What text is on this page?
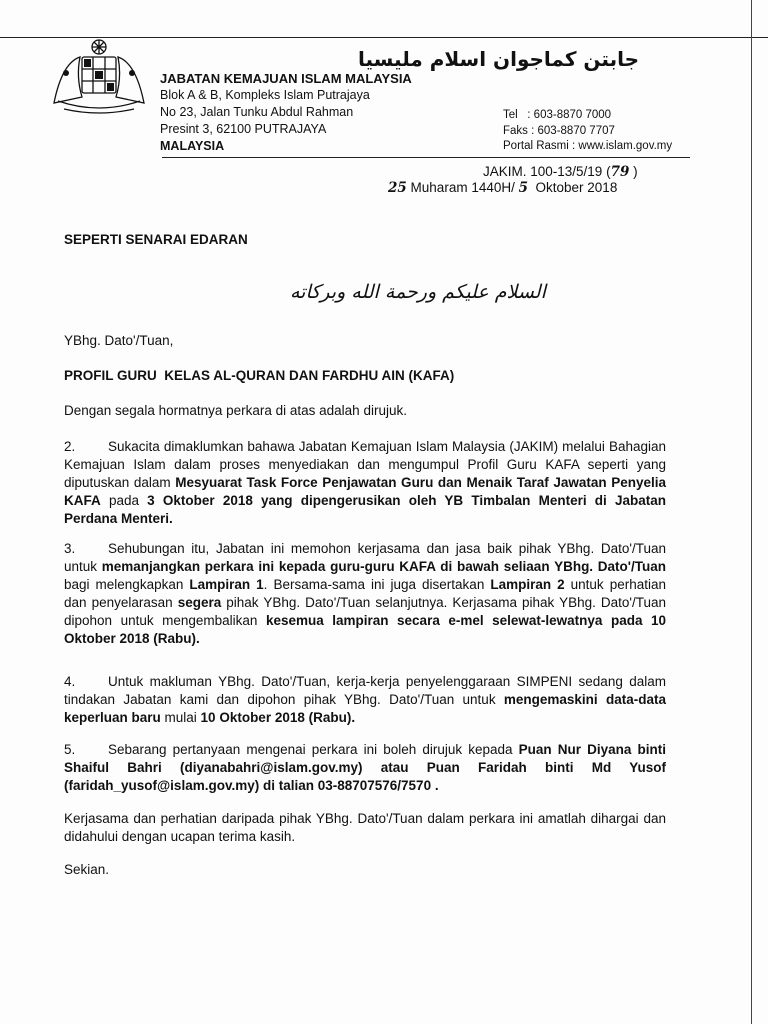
جابتن كماجوان اسلام مليسيا
JABATAN KEMAJUAN ISLAM MALAYSIA
Blok A & B, Kompleks Islam Putrajaya
No 23, Jalan Tunku Abdul Rahman
Presint 3, 62100 PUTRAJAYA
MALAYSIA
Tel   : 603-8870 7000
Faks : 603-8870 7707
Portal Rasmi : www.islam.gov.my
JAKIM. 100-13/5/19 (79 )
25 Muharam 1440H/ 5  Oktober 2018
SEPERTI SENARAI EDARAN
السلام عليكم ورحمة الله وبركاته
YBhg. Dato'/Tuan,
PROFIL GURU  KELAS AL-QURAN DAN FARDHU AIN (KAFA)
Dengan segala hormatnya perkara di atas adalah dirujuk.
2. Sukacita dimaklumkan bahawa Jabatan Kemajuan Islam Malaysia (JAKIM) melalui Bahagian Kemajuan Islam dalam proses menyediakan dan mengumpul Profil Guru KAFA seperti yang diputuskan dalam Mesyuarat Task Force Penjawatan Guru dan Menaik Taraf Jawatan Penyelia KAFA pada 3 Oktober 2018 yang dipengerusikan oleh YB Timbalan Menteri di Jabatan Perdana Menteri.
3. Sehubungan itu, Jabatan ini memohon kerjasama dan jasa baik pihak YBhg. Dato'/Tuan untuk memanjangkan perkara ini kepada guru-guru KAFA di bawah seliaan YBhg. Dato'/Tuan bagi melengkapkan Lampiran 1. Bersama-sama ini juga disertakan Lampiran 2 untuk perhatian dan penyelarasan segera pihak YBhg. Dato'/Tuan selanjutnya. Kerjasama pihak YBhg. Dato'/Tuan dipohon untuk mengembalikan kesemua lampiran secara e-mel selewat-lewatnya pada 10 Oktober 2018 (Rabu).
4. Untuk makluman YBhg. Dato'/Tuan, kerja-kerja penyelenggaraan SIMPENI sedang dalam tindakan Jabatan kami dan dipohon pihak YBhg. Dato'/Tuan untuk mengemaskini data-data keperluan baru mulai 10 Oktober 2018 (Rabu).
5. Sebarang pertanyaan mengenai perkara ini boleh dirujuk kepada Puan Nur Diyana binti Shaiful Bahri (diyanabahri@islam.gov.my) atau Puan Faridah binti Md Yusof (faridah_yusof@islam.gov.my) di talian 03-88707576/7570 .
Kerjasama dan perhatian daripada pihak YBhg. Dato'/Tuan dalam perkara ini amatlah dihargai dan didahului dengan ucapan terima kasih.
Sekian.
